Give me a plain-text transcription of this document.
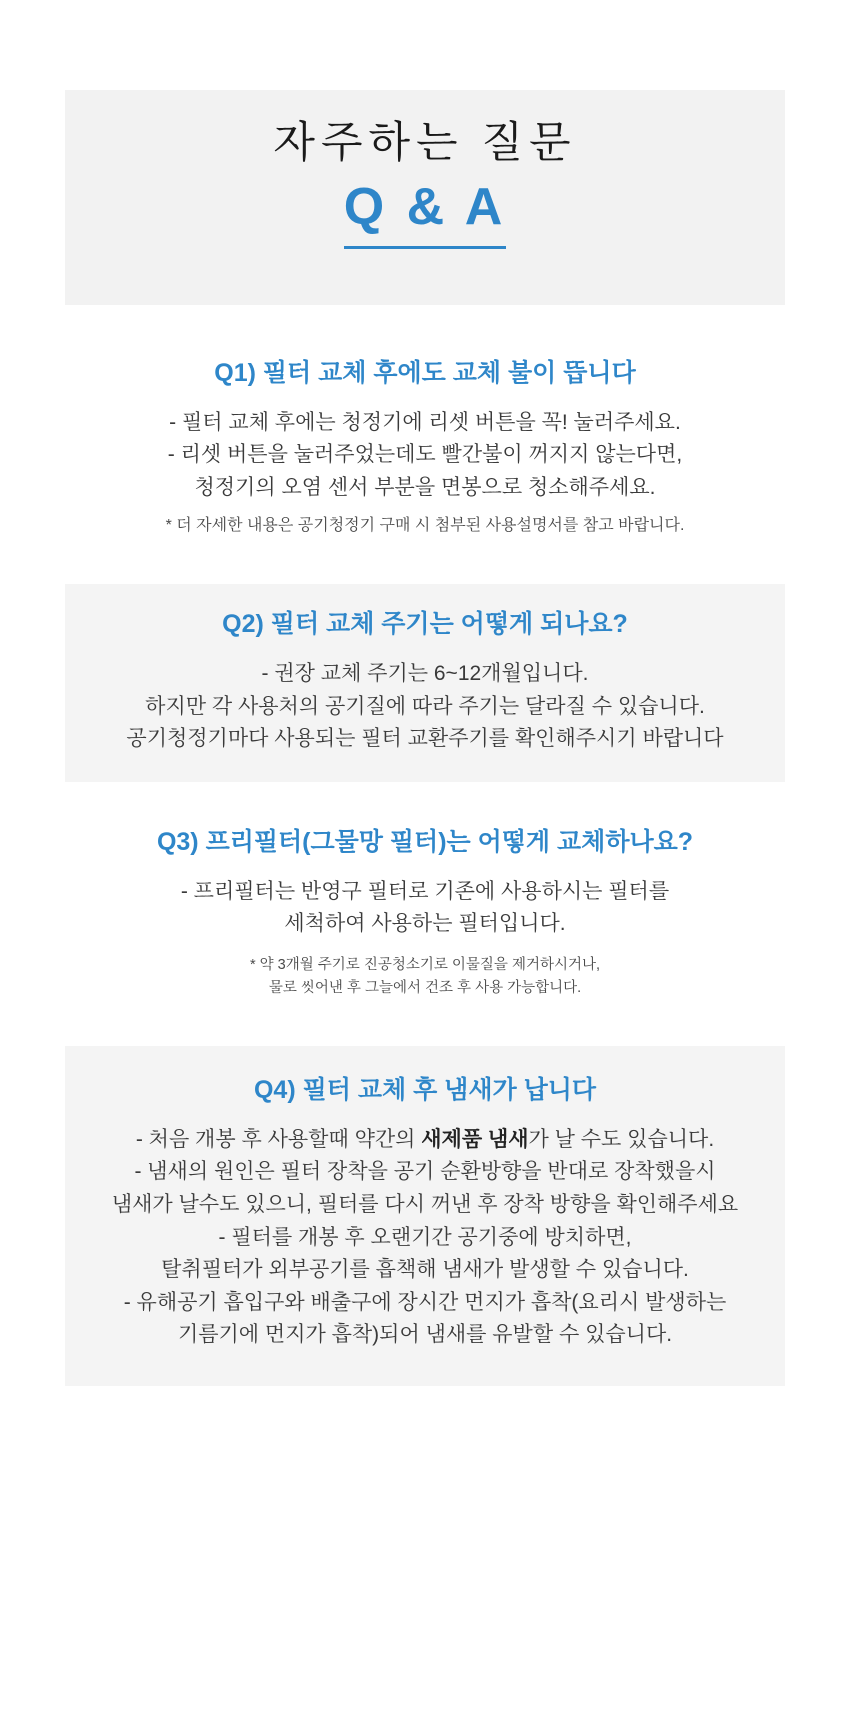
자주하는 질문
Q & A

Q1) 필터 교체 후에도 교체 불이 뜹니다

- 필터 교체 후에는 청정기에 리셋 버튼을 꼭! 눌러주세요.

- 리셋 버튼을 눌러주었는데도 빨간불이 꺼지지 않는다면,

청정기의 오염 센서 부분을 면봉으로 청소해주세요.

* 더 자세한 내용은 공기청정기 구매 시 첨부된 사용설명서를 참고 바랍니다.

Q2) 필터 교체 주기는 어떻게 되나요?

- 권장 교체 주기는 6~12개월입니다.

하지만 각 사용처의 공기질에 따라 주기는 달라질 수 있습니다.

공기청정기마다 사용되는 필터 교환주기를 확인해주시기 바랍니다

Q3) 프리필터(그물망 필터)는 어떻게 교체하나요?

- 프리필터는 반영구 필터로 기존에 사용하시는 필터를

세척하여 사용하는 필터입니다.

* 약 3개월 주기로 진공청소기로 이물질을 제거하시거나,

물로 씻어낸 후 그늘에서 건조 후 사용 가능합니다.

Q4) 필터 교체 후 냄새가 납니다

- 처음 개봉 후 사용할때 약간의 새제품 냄새가 날 수도 있습니다.

- 냄새의 원인은 필터 장착을 공기 순환방향을 반대로 장착했을시

냄새가 날수도 있으니, 필터를 다시 꺼낸 후 장착 방향을 확인해주세요

- 필터를 개봉 후 오랜기간 공기중에 방치하면,

탈취필터가 외부공기를 흡책해 냄새가 발생할 수 있습니다.

- 유해공기 흡입구와 배출구에 장시간 먼지가 흡착(요리시 발생하는

기름기에 먼지가 흡착)되어 냄새를 유발할 수 있습니다.
